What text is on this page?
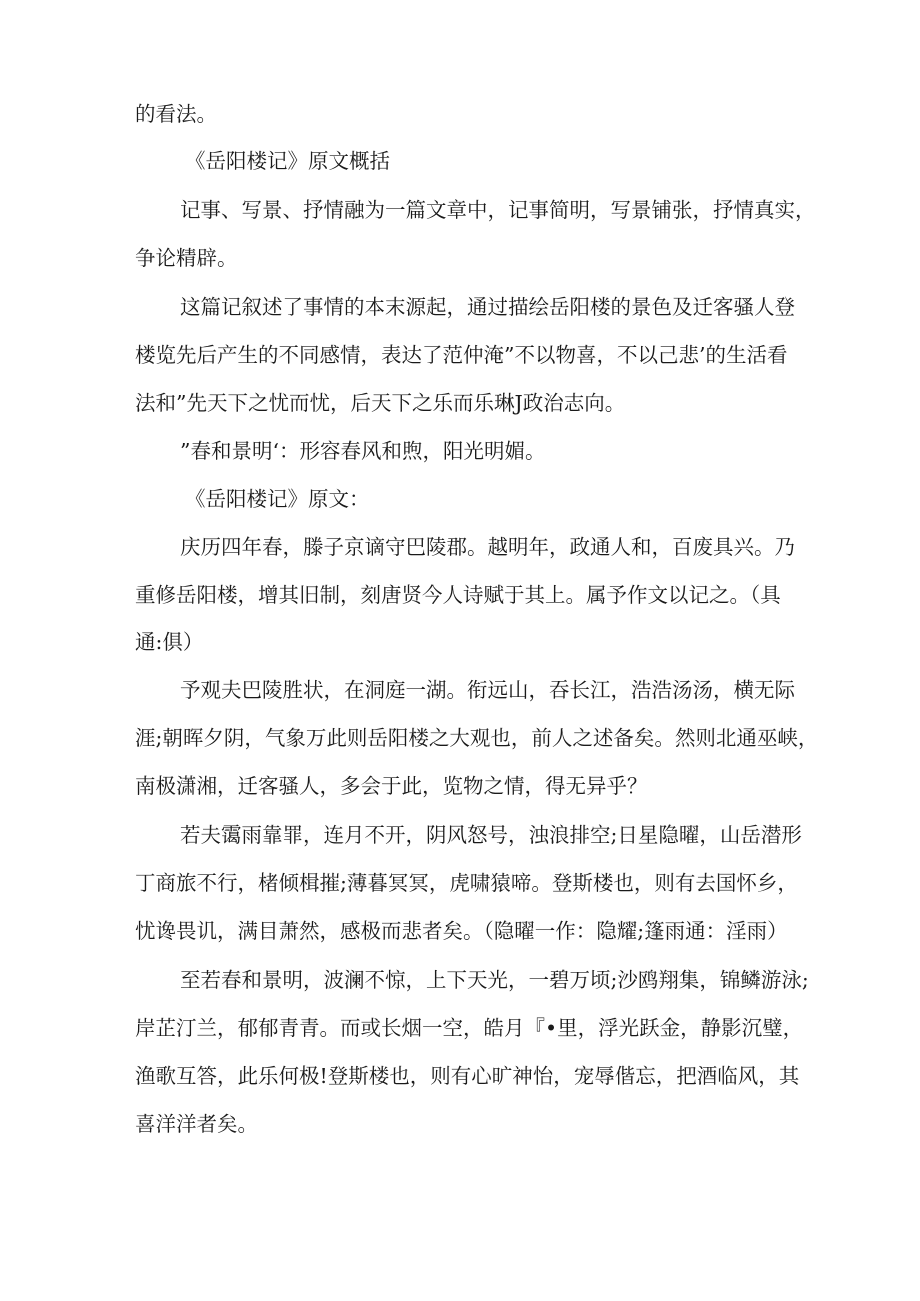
的看法。
《岳阳楼记》原文概括
记事、写景、抒情融为一篇文章中，记事简明，写景铺张，抒情真实，
争论精辟。
这篇记叙述了事情的本末源起，通过描绘岳阳楼的景色及迁客骚人登
楼览先后产生的不同感情，表达了范仲淹”不以物喜，不以己悲’的生活看
法和”先天下之忧而忧，后天下之乐而乐琳J政治志向。
”春和景明‘：形容春风和煦，阳光明媚。
《岳阳楼记》原文：
庆历四年春，滕子京谪守巴陵郡。越明年，政通人和，百废具兴。乃
重修岳阳楼，增其旧制，刻唐贤今人诗赋于其上。属予作文以记之。（具
通:俱）
予观夫巴陵胜状，在洞庭一湖。衔远山，吞长江，浩浩汤汤，横无际
涯;朝晖夕阴，气象万此则岳阳楼之大观也，前人之述备矣。然则北通巫峡，
南极潇湘，迁客骚人，多会于此，览物之情，得无异乎？
若夫霭雨靠罪，连月不开，阴风怒号，浊浪排空;日星隐曜，山岳潜形
丁商旅不行，楮倾楫摧;薄暮冥冥，虎啸猿啼。登斯楼也，则有去国怀乡，
忧谗畏讥，满目萧然，感极而悲者矣。（隐曜一作：隐耀;篷雨通：淫雨）
至若春和景明，波澜不惊，上下天光，一碧万顷;沙鸥翔集，锦鳞游泳;
岸芷汀兰，郁郁青青。而或长烟一空，皓月『•里，浮光跃金，静影沉璧，
渔歌互答，此乐何极!登斯楼也，则有心旷神怡，宠辱偕忘，把酒临风，其
喜洋洋者矣。
